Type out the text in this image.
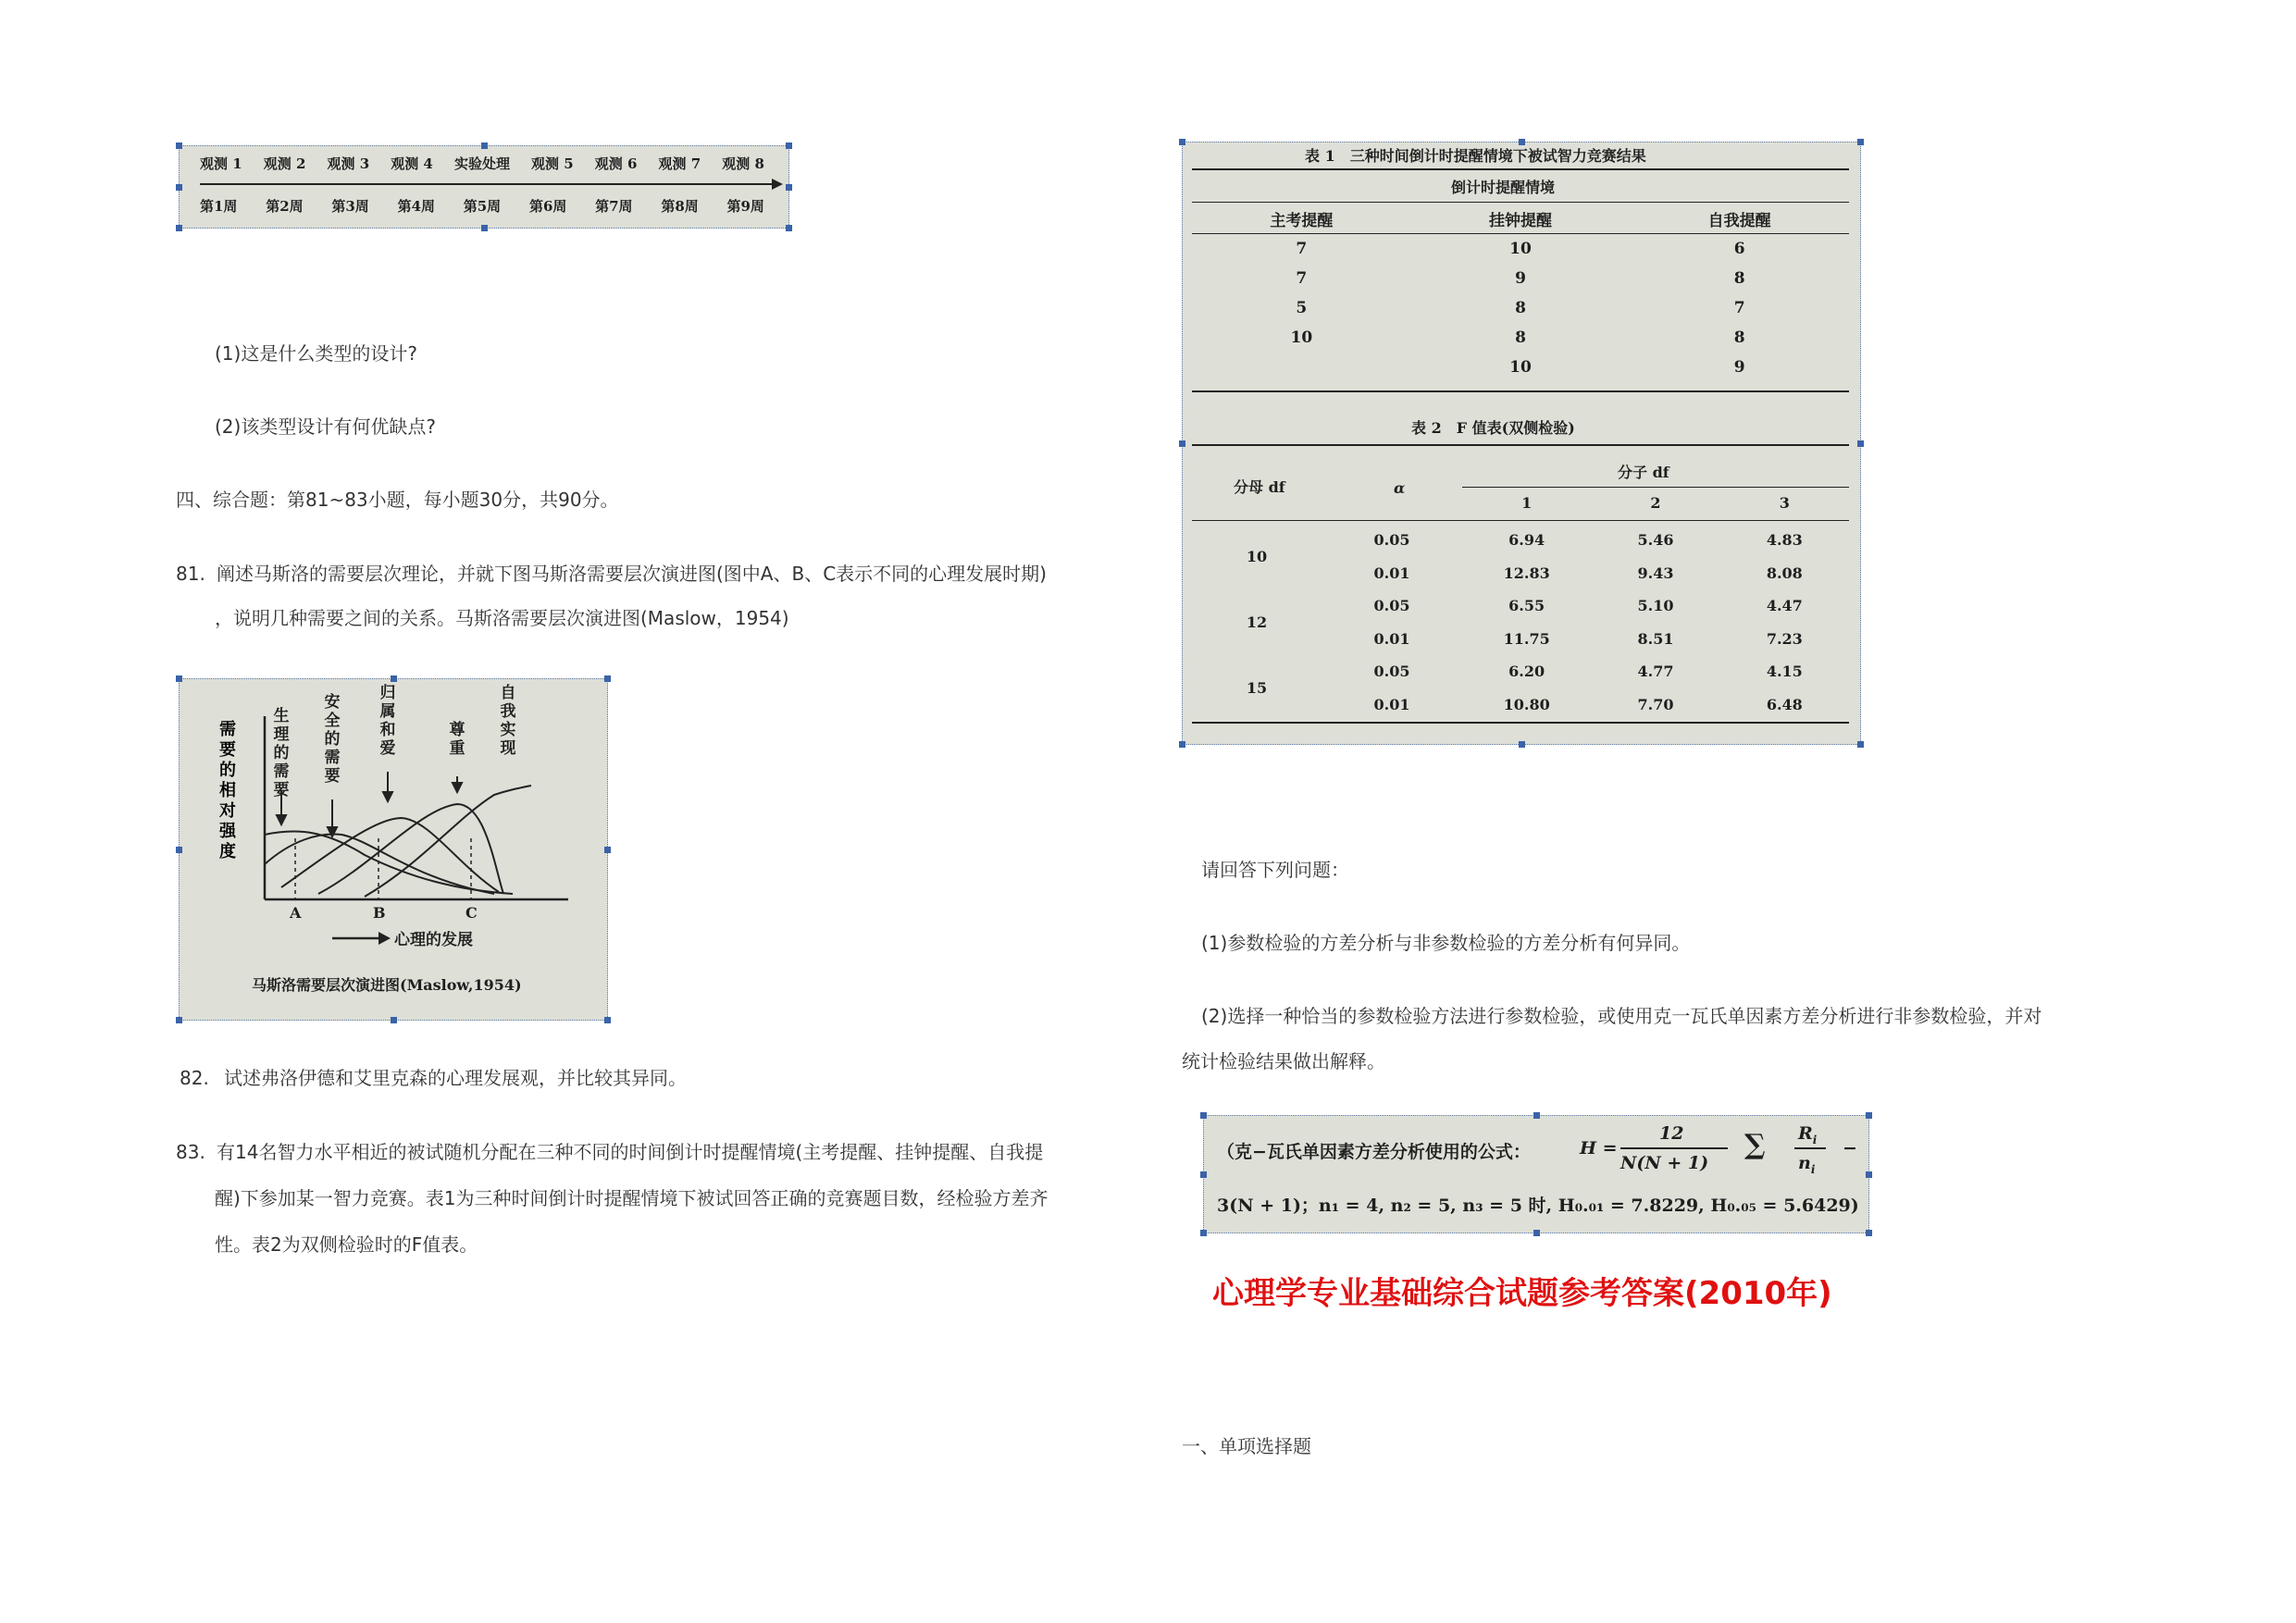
观测 1 观测 2 观测 3 观测 4 实验处理 观测 5 观测 6 观测 7 观测 8
第1周 第2周 第3周 第4周 第5周 第6周 第7周 第8周 第9周
(1)这是什么类型的设计?
(2)该类型设计有何优缺点?
四、综合题：第81~83小题，每小题30分，共90分。
81. 阐述马斯洛的需要层次理论，并就下图马斯洛需要层次演进图(图中A、B、C表示不同的心理发展时期)
，说明几种需要之间的关系。马斯洛需要层次演进图(Maslow，1954)
生
理
的
需
要
安
全
的
需
要
归
属
和
爱
尊
重
自
我
实
现
A	B	C
心理的发展
马斯洛需要层次演进图(Maslow,1954)
需
要
的
相
对
强
度
82. 试述弗洛伊德和艾里克森的心理发展观，并比较其异同。
83. 有14名智力水平相近的被试随机分配在三种不同的时间倒计时提醒情境(主考提醒、挂钟提醒、自我提
醒)下参加某一智力竞赛。表1为三种时间倒计时提醒情境下被试回答正确的竞赛题目数，经检验方差齐
性。表2为双侧检验时的F值表。
表 1　三种时间倒计时提醒情境下被试智力竞赛结果
倒计时提醒情境
主考提醒	挂钟提醒	自我提醒
7	10	6
7	9	8
5	8	7
10	8	8
	10	9
表 2　F 值表(双侧检验)
分母 df	α
分子 df
1	2	3
10
0.05	6.94	5.46	4.83
0.01	12.83	9.43	8.08
12
0.05	6.55	5.10	4.47
0.01	11.75	8.51	7.23
15
0.05	6.20	4.77	4.15
0.01	10.80	7.70	6.48
请回答下列问题：
(1)参数检验的方差分析与非参数检验的方差分析有何异同。
(2)选择一种恰当的参数检验方法进行参数检验，或使用克一瓦氏单因素方差分析进行非参数检验，并对
统计检验结果做出解释。
（克−瓦氏单因素方差分析使用的公式：	H =
12
N(N + 1)
∑ $R_i$
$n_i$
−
3(N + 1)；n₁ = 4, n₂ = 5, n₃ = 5 时, H₀.₀₁ = 7.8229, H₀.₀₅ = 5.6429)
心理学专业基础综合试题参考答案(2010年)
一、单项选择题
